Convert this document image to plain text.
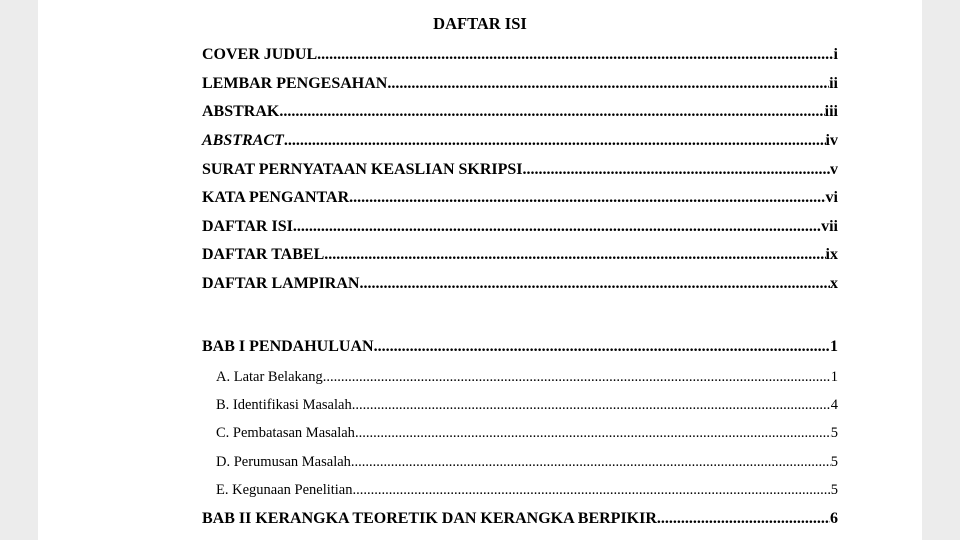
DAFTAR ISI
COVER JUDUL .....	i
LEMBAR PENGESAHAN .....	ii
ABSTRAK .....	iii
ABSTRACT .....	iv
SURAT PERNYATAAN KEASLIAN SKRIPSI .....	v
KATA PENGANTAR .....	vi
DAFTAR ISI .....	vii
DAFTAR TABEL .....	ix
DAFTAR LAMPIRAN .....	x
BAB I PENDAHULUAN .....	1
A. Latar Belakang .....	1
B. Identifikasi Masalah .....	4
C. Pembatasan Masalah .....	5
D. Perumusan Masalah .....	5
E. Kegunaan Penelitian .....	5
BAB II KERANGKA TEORETIK DAN KERANGKA BERPIKIR .....	6
